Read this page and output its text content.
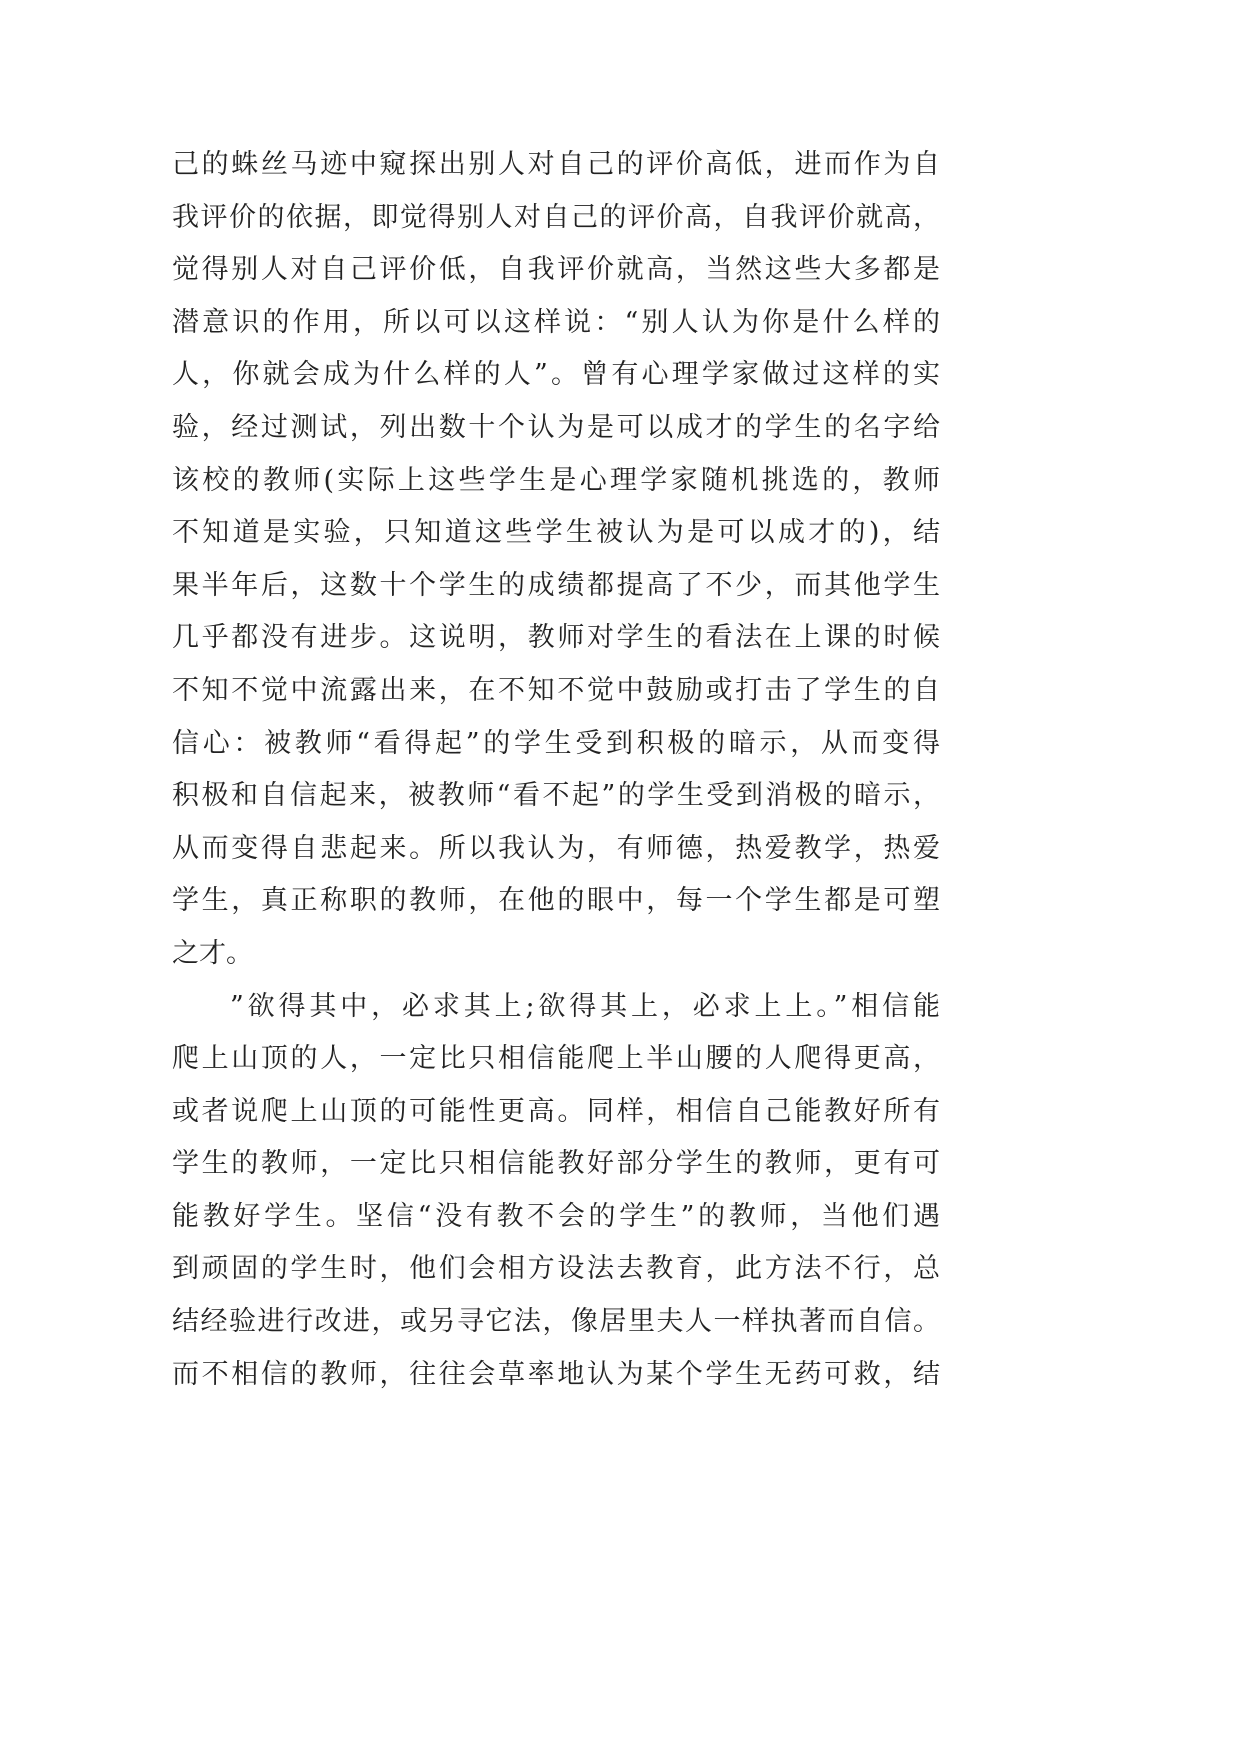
己的蛛丝马迹中窥探出别人对自己的评价高低，进而作为自
我评价的依据，即觉得别人对自己的评价高，自我评价就高，
觉得别人对自己评价低，自我评价就高，当然这些大多都是
潜意识的作用，所以可以这样说：“别人认为你是什么样的
人，你就会成为什么样的人”。曾有心理学家做过这样的实
验，经过测试，列出数十个认为是可以成才的学生的名字给
该校的教师(实际上这些学生是心理学家随机挑选的，教师
不知道是实验，只知道这些学生被认为是可以成才的)，结
果半年后，这数十个学生的成绩都提高了不少，而其他学生
几乎都没有进步。这说明，教师对学生的看法在上课的时候
不知不觉中流露出来，在不知不觉中鼓励或打击了学生的自
信心：被教师“看得起”的学生受到积极的暗示，从而变得
积极和自信起来，被教师“看不起”的学生受到消极的暗示，
从而变得自悲起来。所以我认为，有师德，热爱教学，热爱
学生，真正称职的教师，在他的眼中，每一个学生都是可塑
之才。
”欲得其中，必求其上;欲得其上，必求上上。”相信能
爬上山顶的人，一定比只相信能爬上半山腰的人爬得更高，
或者说爬上山顶的可能性更高。同样，相信自己能教好所有
学生的教师，一定比只相信能教好部分学生的教师，更有可
能教好学生。坚信“没有教不会的学生”的教师，当他们遇
到顽固的学生时，他们会相方设法去教育，此方法不行，总
结经验进行改进，或另寻它法，像居里夫人一样执著而自信。
而不相信的教师，往往会草率地认为某个学生无药可救，结
